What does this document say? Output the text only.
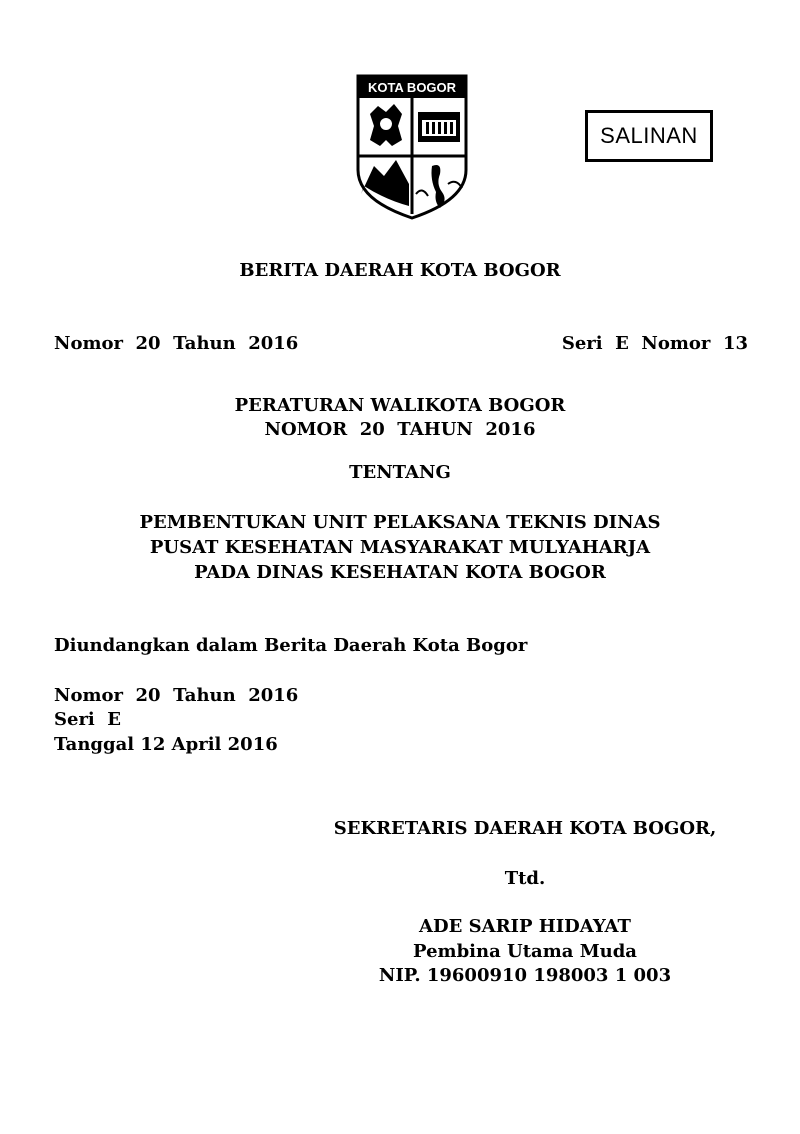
KOTA BOGOR
SALINAN
BERITA DAERAH KOTA BOGOR
Nomor  20  Tahun  2016	Seri  E  Nomor  13
PERATURAN WALIKOTA BOGOR
NOMOR  20  TAHUN  2016
TENTANG
PEMBENTUKAN UNIT PELAKSANA TEKNIS DINAS
PUSAT KESEHATAN MASYARAKAT MULYAHARJA
PADA DINAS KESEHATAN KOTA BOGOR
Diundangkan dalam Berita Daerah Kota Bogor
Nomor  20  Tahun  2016
Seri  E
Tanggal 12 April 2016
SEKRETARIS DAERAH KOTA BOGOR,
Ttd.
ADE SARIP HIDAYAT
Pembina Utama Muda
NIP. 19600910 198003 1 003
